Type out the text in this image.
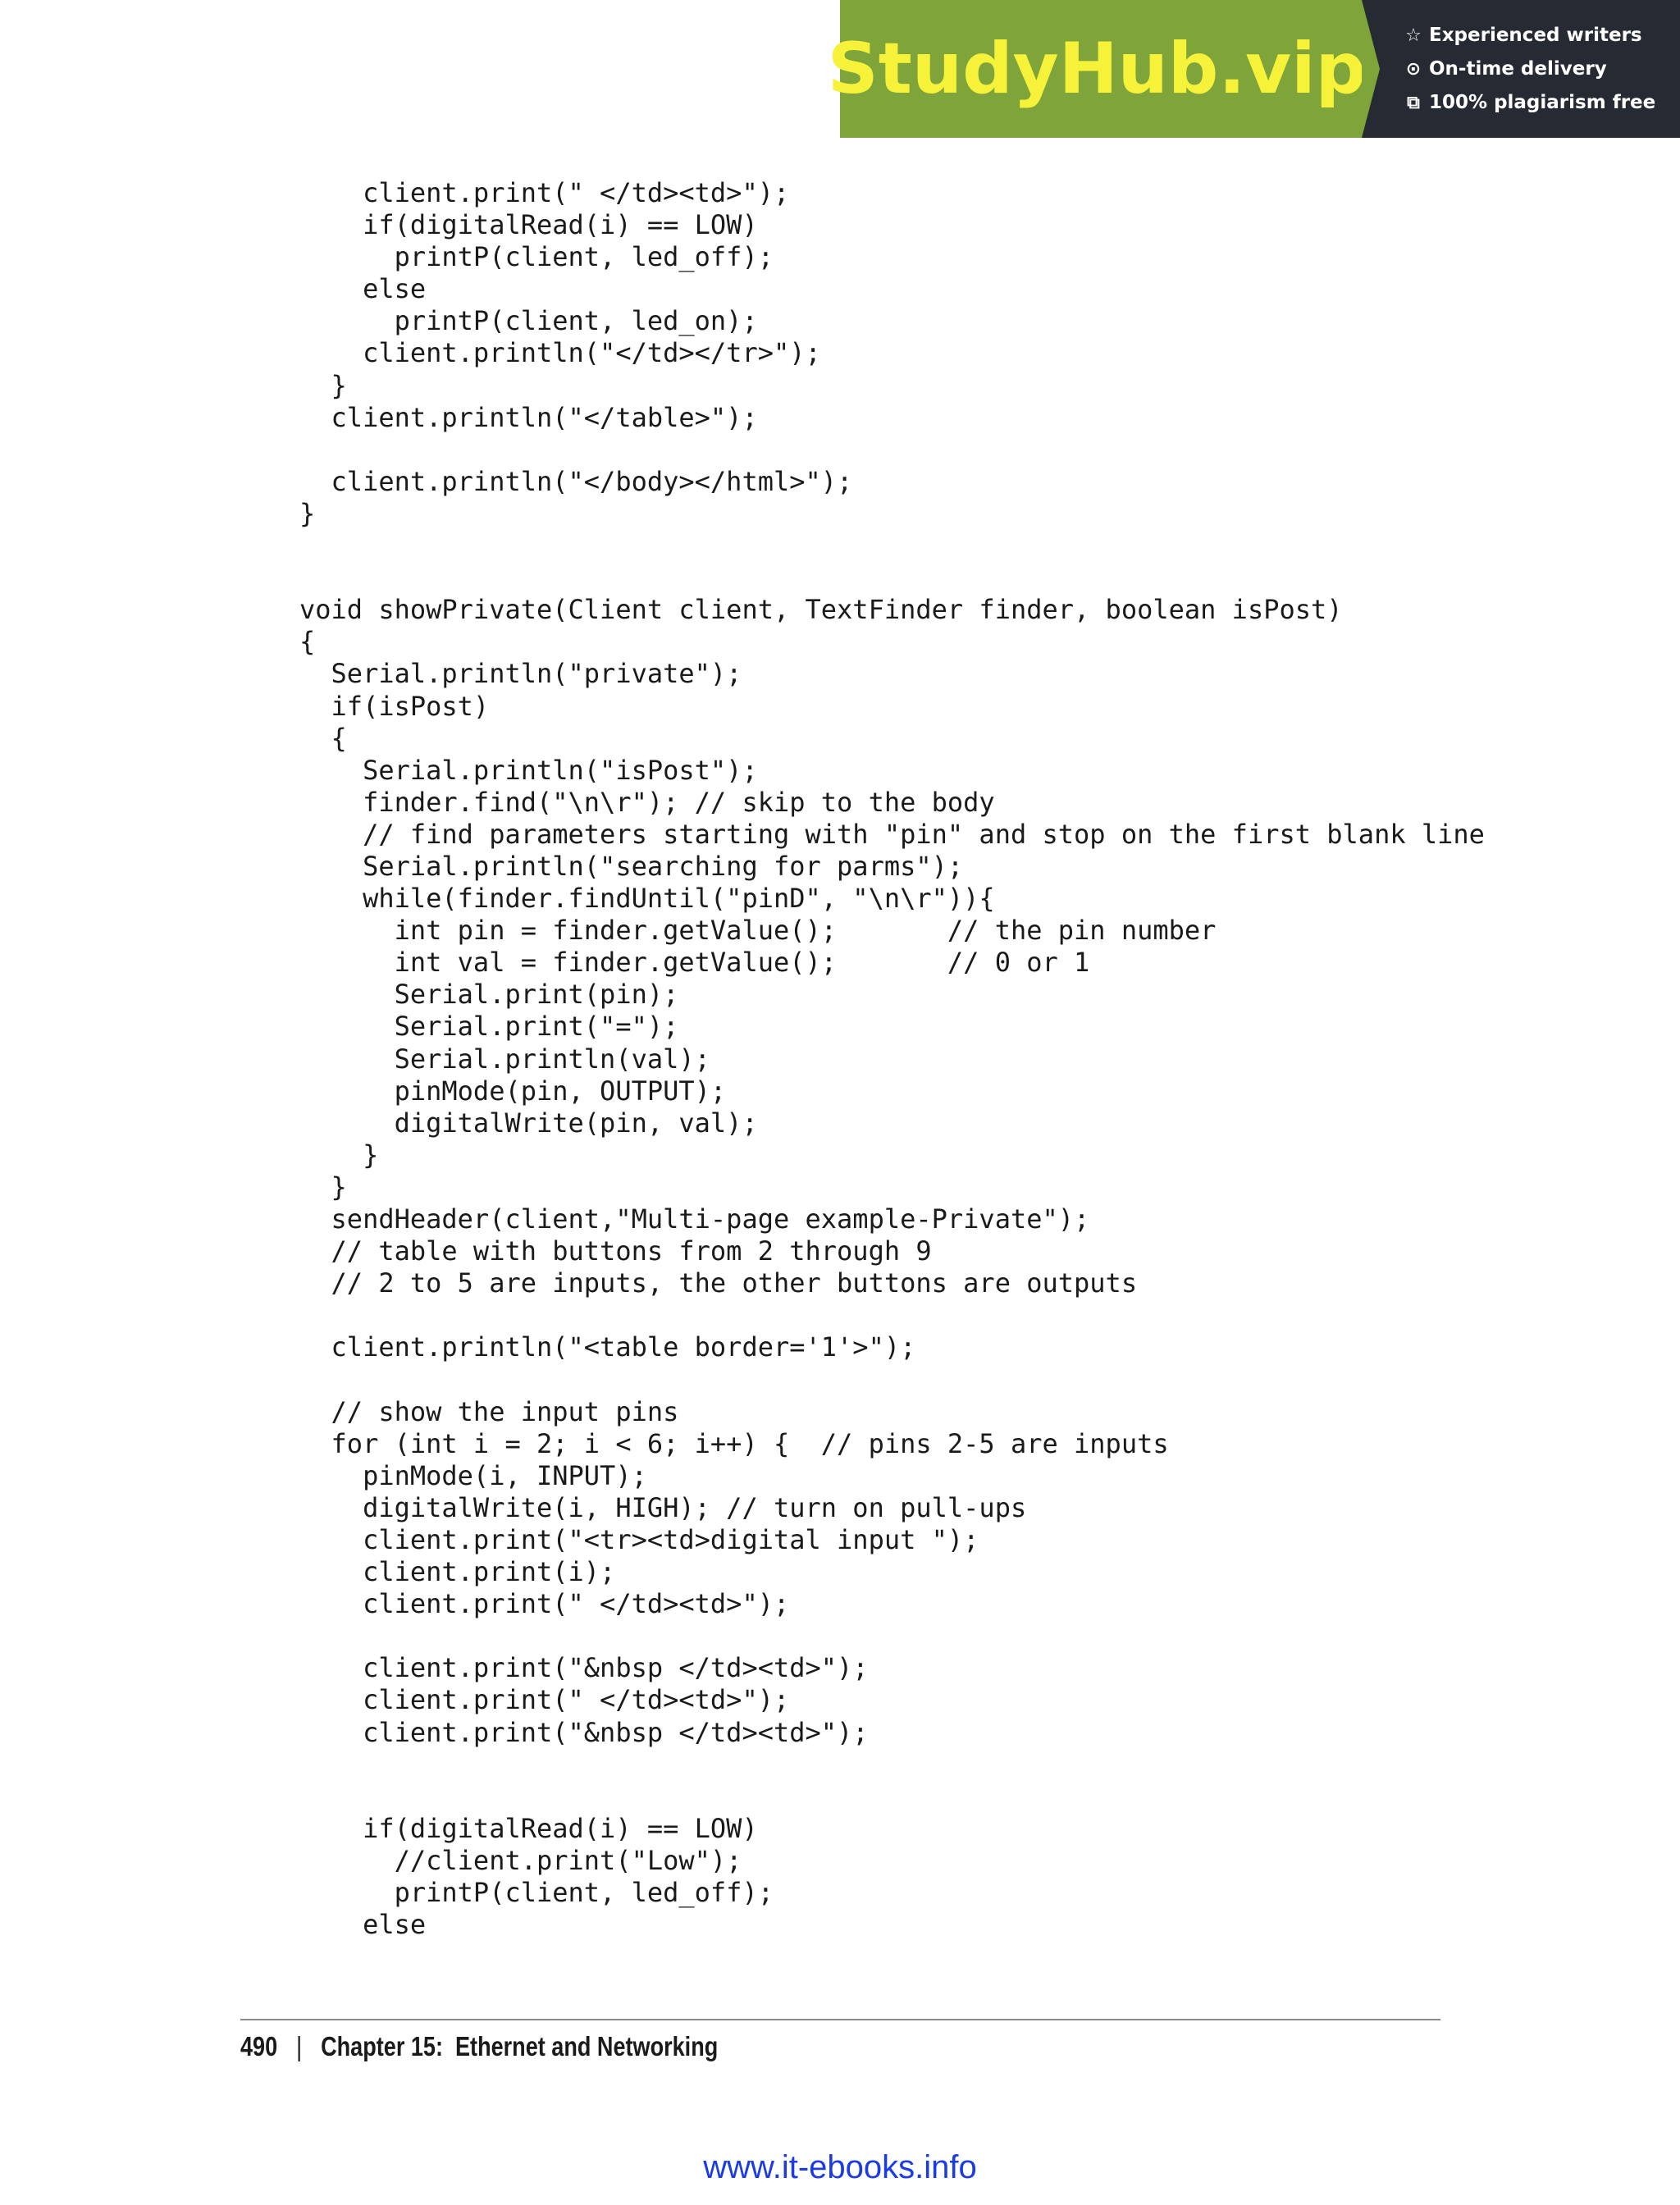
StudyHub.vip ☆ Experienced writers
⊙ On-time delivery
⧉ 100% plagiarism free
client.print(" </td><td>");
if(digitalRead(i) == LOW)
printP(client, led_off);
else
printP(client, led_on);
client.println("</td></tr>");
}
client.println("</table>");
client.println("</body></html>");
}
void showPrivate(Client client, TextFinder finder, boolean isPost)
{
Serial.println("private");
if(isPost)
{
Serial.println("isPost");
finder.find("\n\r"); // skip to the body
// find parameters starting with "pin" and stop on the first blank line
Serial.println("searching for parms");
while(finder.findUntil("pinD", "\n\r")){
int pin = finder.getValue();       // the pin number
int val = finder.getValue();       // 0 or 1
Serial.print(pin);
Serial.print("=");
Serial.println(val);
pinMode(pin, OUTPUT);
digitalWrite(pin, val);
}
}
sendHeader(client,"Multi-page example-Private");
// table with buttons from 2 through 9
// 2 to 5 are inputs, the other buttons are outputs
client.println("<table border='1'>");
// show the input pins
for (int i = 2; i < 6; i++) {  // pins 2-5 are inputs
pinMode(i, INPUT);
digitalWrite(i, HIGH); // turn on pull-ups
client.print("<tr><td>digital input ");
client.print(i);
client.print(" </td><td>");
client.print("&nbsp </td><td>");
client.print(" </td><td>");
client.print("&nbsp </td><td>");
if(digitalRead(i) == LOW)
//client.print("Low");
printP(client, led_off);
else
490 | Chapter 15:  Ethernet and Networking
www.it-ebooks.info
